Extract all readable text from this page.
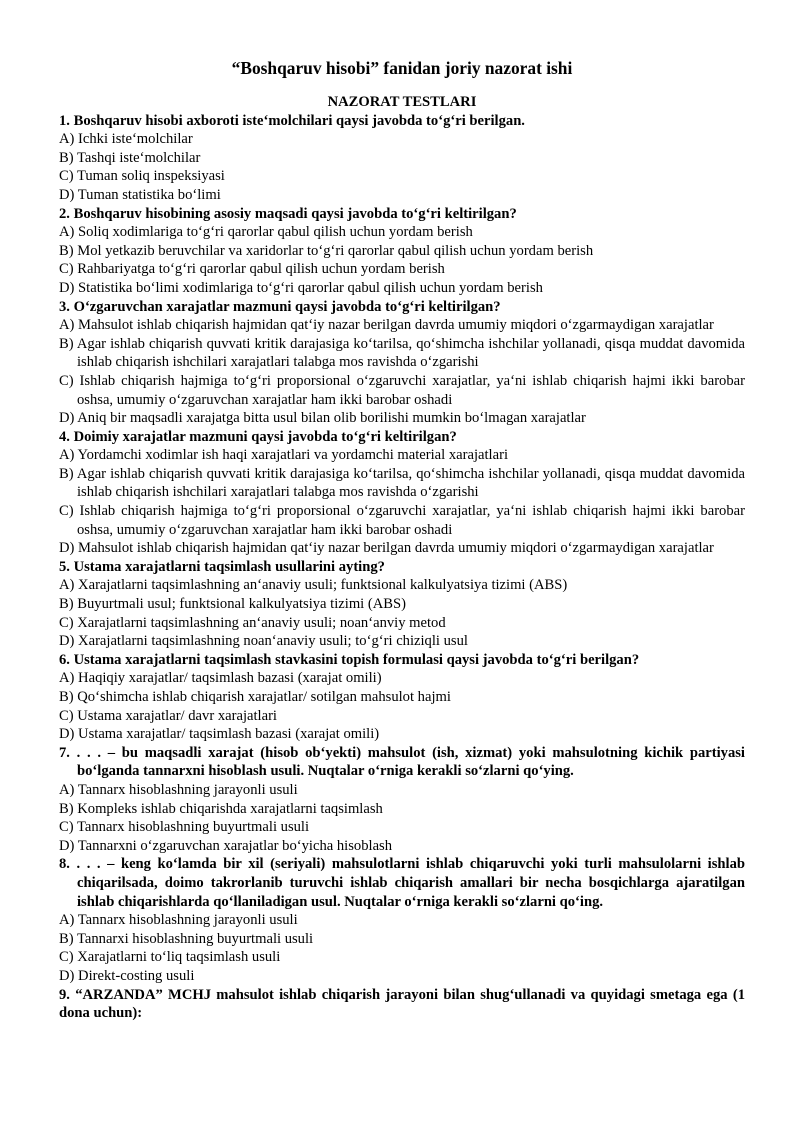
“Boshqaruv hisobi” fanidan joriy nazorat ishi
NAZORAT TESTLARI
1. Boshqaruv hisobi axboroti iste‘molchilari qaysi javobda to‘g‘ri berilgan.
A) Ichki iste‘molchilar
B) Tashqi iste‘molchilar
C) Tuman soliq inspeksiyasi
D) Tuman statistika bo‘limi
2. Boshqaruv hisobining asosiy maqsadi qaysi javobda to‘g‘ri keltirilgan?
A) Soliq xodimlariga to‘g‘ri qarorlar qabul qilish uchun yordam berish
B) Mol yetkazib beruvchilar va xaridorlar to‘g‘ri qarorlar qabul qilish uchun yordam berish
C) Rahbariyatga to‘g‘ri qarorlar qabul qilish uchun yordam berish
D) Statistika bo‘limi xodimlariga to‘g‘ri qarorlar qabul qilish uchun yordam berish
3. O‘zgaruvchan xarajatlar mazmuni qaysi javobda to‘g‘ri keltirilgan?
A) Mahsulot ishlab chiqarish hajmidan qat‘iy nazar berilgan davrda umumiy miqdori o‘zgarmaydigan xarajatlar
B) Agar ishlab chiqarish quvvati kritik darajasiga ko‘tarilsa, qo‘shimcha ishchilar yollanadi, qisqa muddat davomida ishlab chiqarish ishchilari xarajatlari talabga mos ravishda o‘zgarishi
C) Ishlab chiqarish hajmiga to‘g‘ri proporsional o‘zgaruvchi xarajatlar, ya‘ni ishlab chiqarish hajmi ikki barobar oshsa, umumiy o‘zgaruvchan xarajatlar ham ikki barobar oshadi
D) Aniq bir maqsadli xarajatga bitta usul bilan olib borilishi mumkin bo‘lmagan xarajatlar
4. Doimiy xarajatlar mazmuni qaysi javobda to‘g‘ri keltirilgan?
A) Yordamchi xodimlar ish haqi xarajatlari va yordamchi material xarajatlari
B) Agar ishlab chiqarish quvvati kritik darajasiga ko‘tarilsa, qo‘shimcha ishchilar yollanadi, qisqa muddat davomida ishlab chiqarish ishchilari xarajatlari talabga mos ravishda o‘zgarishi
C) Ishlab chiqarish hajmiga to‘g‘ri proporsional o‘zgaruvchi xarajatlar, ya‘ni ishlab chiqarish hajmi ikki barobar oshsa, umumiy o‘zgaruvchan xarajatlar ham ikki barobar oshadi
D) Mahsulot ishlab chiqarish hajmidan qat‘iy nazar berilgan davrda umumiy miqdori o‘zgarmaydigan xarajatlar
5. Ustama xarajatlarni taqsimlash usullarini ayting?
A) Xarajatlarni taqsimlashning an‘anaviy usuli; funktsional kalkulyatsiya tizimi (ABS)
B) Buyurtmali usul; funktsional kalkulyatsiya tizimi (ABS)
C) Xarajatlarni taqsimlashning an‘anaviy usuli; noan‘anviy metod
D) Xarajatlarni taqsimlashning noan‘anaviy usuli; to‘g‘ri chiziqli usul
6. Ustama xarajatlarni taqsimlash stavkasini topish formulasi qaysi javobda to‘g‘ri berilgan?
A) Haqiqiy xarajatlar/ taqsimlash bazasi (xarajat omili)
B) Qo‘shimcha ishlab chiqarish xarajatlar/ sotilgan mahsulot hajmi
C) Ustama xarajatlar/ davr xarajatlari
D) Ustama xarajatlar/ taqsimlash bazasi (xarajat omili)
7. . . . – bu maqsadli xarajat (hisob ob‘yekti) mahsulot (ish, xizmat) yoki mahsulotning kichik partiyasi bo‘lganda tannarxni hisoblash usuli. Nuqtalar o‘rniga kerakli so‘zlarni qo‘ying.
A) Tannarx hisoblashning jarayonli usuli
B) Kompleks ishlab chiqarishda xarajatlarni taqsimlash
C) Tannarx hisoblashning buyurtmali usuli
D) Tannarxni o‘zgaruvchan xarajatlar bo‘yicha hisoblash
8. . . . – keng ko‘lamda bir xil (seriyali) mahsulotlarni ishlab chiqaruvchi yoki turli mahsulolarni ishlab chiqarilsada, doimo takrorlanib turuvchi ishlab chiqarish amallari bir necha bosqichlarga ajaratilgan ishlab chiqarishlarda qo‘llaniladigan usul. Nuqtalar o‘rniga kerakli so‘zlarni qo‘ing.
A) Tannarx hisoblashning jarayonli usuli
B) Tannarxi hisoblashning buyurtmali usuli
C) Xarajatlarni to‘liq taqsimlash usuli
D) Direkt-costing usuli
9. “ARZANDA” MCHJ mahsulot ishlab chiqarish jarayoni bilan shug‘ullanadi va quyidagi smetaga ega (1 dona uchun):
